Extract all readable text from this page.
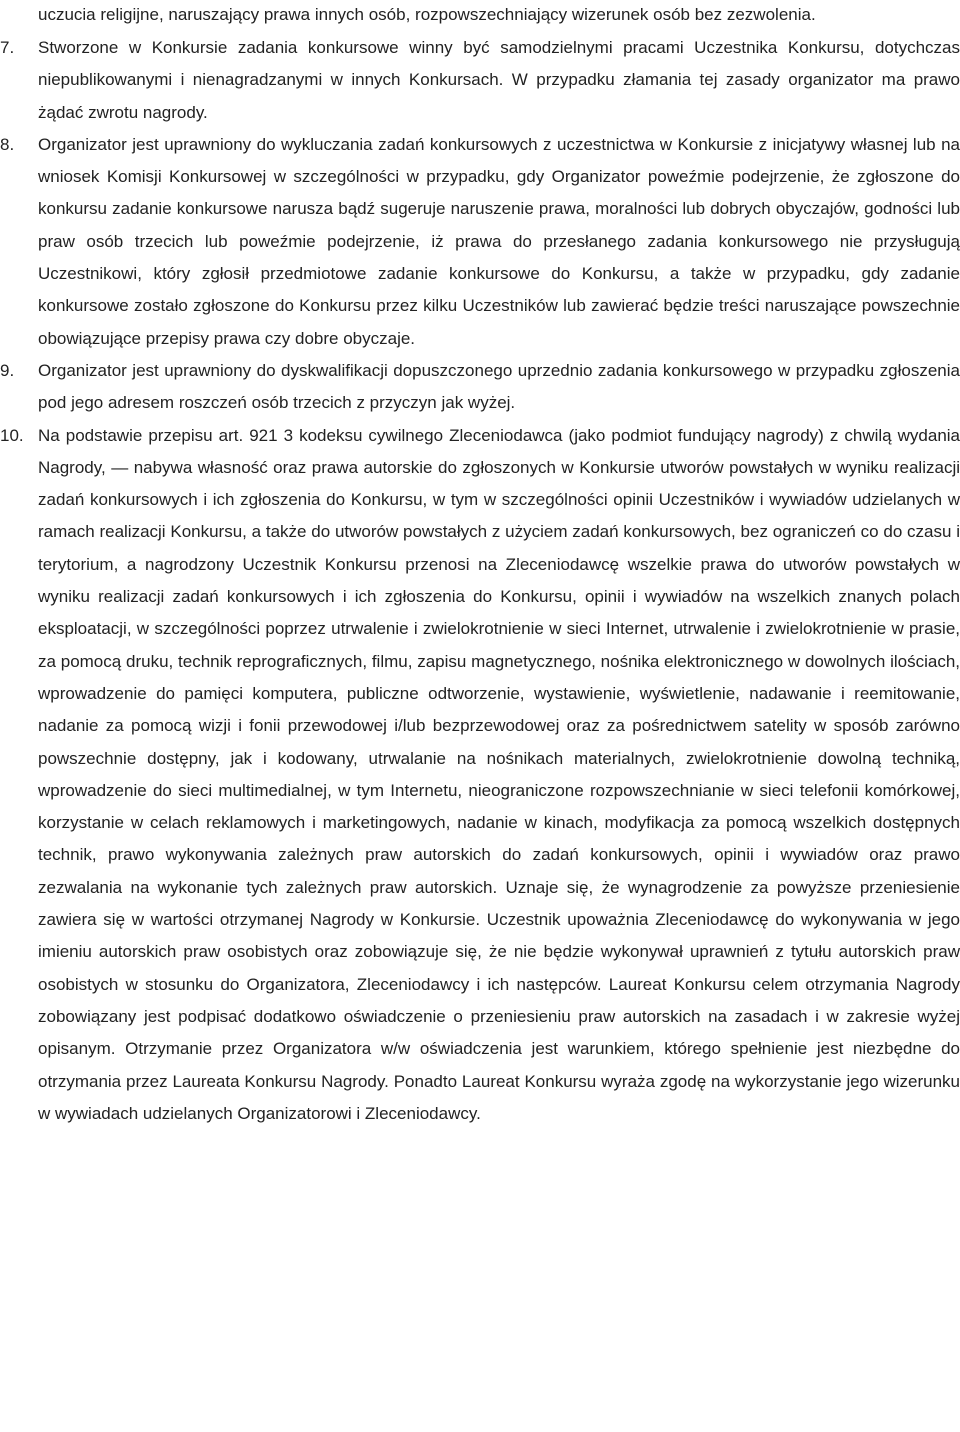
uczucia religijne, naruszający prawa innych osób, rozpowszechniający wizerunek osób bez zezwolenia.
7. Stworzone w Konkursie zadania konkursowe winny być samodzielnymi pracami Uczestnika Konkursu, dotychczas niepublikowanymi i nienagradzanymi w innych Konkursach. W przypadku złamania tej zasady organizator ma prawo żądać zwrotu nagrody.
8. Organizator jest uprawniony do wykluczania zadań konkursowych z uczestnictwa w Konkursie z inicjatywy własnej lub na wniosek Komisji Konkursowej w szczególności w przypadku, gdy Organizator poweźmie podejrzenie, że zgłoszone do konkursu zadanie konkursowe narusza bądź sugeruje naruszenie prawa, moralności lub dobrych obyczajów, godności lub praw osób trzecich lub poweźmie podejrzenie, iż prawa do przesłanego zadania konkursowego nie przysługują Uczestnikowi, który zgłosił przedmiotowe zadanie konkursowe do Konkursu, a także w przypadku, gdy zadanie konkursowe zostało zgłoszone do Konkursu przez kilku Uczestników lub zawierać będzie treści naruszające powszechnie obowiązujące przepisy prawa czy dobre obyczaje.
9. Organizator jest uprawniony do dyskwalifikacji dopuszczonego uprzednio zadania konkursowego w przypadku zgłoszenia pod jego adresem roszczeń osób trzecich z przyczyn jak wyżej.
10. Na podstawie przepisu art. 921 3 kodeksu cywilnego Zleceniodawca (jako podmiot fundujący nagrody) z chwilą wydania Nagrody, — nabywa własność oraz prawa autorskie do zgłoszonych w Konkursie utworów powstałych w wyniku realizacji zadań konkursowych i ich zgłoszenia do Konkursu, w tym w szczególności opinii Uczestników i wywiadów udzielanych w ramach realizacji Konkursu, a także do utworów powstałych z użyciem zadań konkursowych, bez ograniczeń co do czasu i terytorium, a nagrodzony Uczestnik Konkursu przenosi na Zleceniodawcę wszelkie prawa do utworów powstałych w wyniku realizacji zadań konkursowych i ich zgłoszenia do Konkursu, opinii i wywiadów na wszelkich znanych polach eksploatacji, w szczególności poprzez utrwalenie i zwielokrotnienie w sieci Internet, utrwalenie i zwielokrotnienie w prasie, za pomocą druku, technik reprograficznych, filmu, zapisu magnetycznego, nośnika elektronicznego w dowolnych ilościach, wprowadzenie do pamięci komputera, publiczne odtworzenie, wystawienie, wyświetlenie, nadawanie i reemitowanie, nadanie za pomocą wizji i fonii przewodowej i/lub bezprzewodowej oraz za pośrednictwem satelity w sposób zarówno powszechnie dostępny, jak i kodowany, utrwalanie na nośnikach materialnych, zwielokrotnienie dowolną techniką, wprowadzenie do sieci multimedialnej, w tym Internetu, nieograniczone rozpowszechnianie w sieci telefonii komórkowej, korzystanie w celach reklamowych i marketingowych, nadanie w kinach, modyfikacja za pomocą wszelkich dostępnych technik, prawo wykonywania zależnych praw autorskich do zadań konkursowych, opinii i wywiadów oraz prawo zezwalania na wykonanie tych zależnych praw autorskich. Uznaje się, że wynagrodzenie za powyższe przeniesienie zawiera się w wartości otrzymanej Nagrody w Konkursie. Uczestnik upoważnia Zleceniodawcę do wykonywania w jego imieniu autorskich praw osobistych oraz zobowiązuje się, że nie będzie wykonywał uprawnień z tytułu autorskich praw osobistych w stosunku do Organizatora, Zleceniodawcy i ich następców. Laureat Konkursu celem otrzymania Nagrody zobowiązany jest podpisać dodatkowo oświadczenie o przeniesieniu praw autorskich na zasadach i w zakresie wyżej opisanym. Otrzymanie przez Organizatora w/w oświadczenia jest warunkiem, którego spełnienie jest niezbędne do otrzymania przez Laureata Konkursu Nagrody. Ponadto Laureat Konkursu wyraża zgodę na wykorzystanie jego wizerunku w wywiadach udzielanych Organizatorowi i Zleceniodawcy.
